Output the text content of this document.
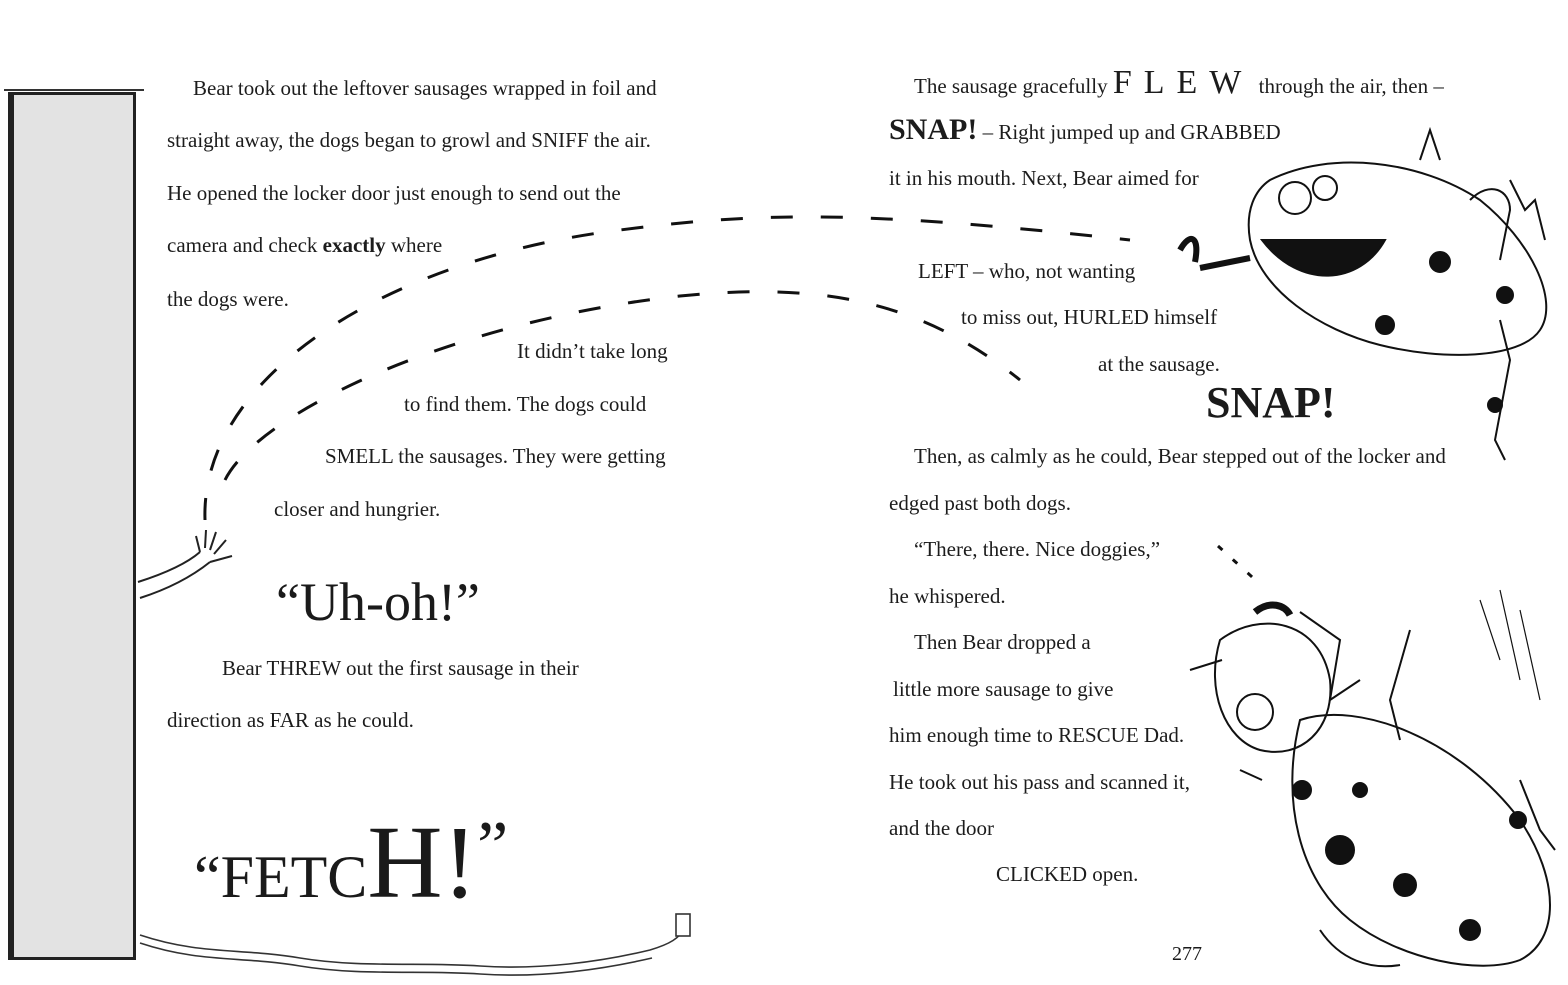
Bear took out the leftover sausages wrapped in foil and
straight away, the dogs began to growl and SNIFF the air.
He opened the locker door just enough to send out the
camera and check exactly where
the dogs were.
It didn’t take long
to find them. The dogs could
SMELL the sausages. They were getting
closer and hungrier.
“Uh-oh!”
Bear THREW out the first sausage in their
direction as FAR as he could.
“FETCH!”
The sausage gracefully FLEW through the air, then –
SNAP! – Right jumped up and GRABBED
it in his mouth. Next, Bear aimed for
LEFT – who, not wanting
to miss out, HURLED himself
at the sausage.
SNAP!
Then, as calmly as he could, Bear stepped out of the locker and
edged past both dogs.
“There, there. Nice doggies,”
he whispered.
Then Bear dropped a
little more sausage to give
him enough time to RESCUE Dad.
He took out his pass and scanned it,
and the door
CLICKED open.
277
